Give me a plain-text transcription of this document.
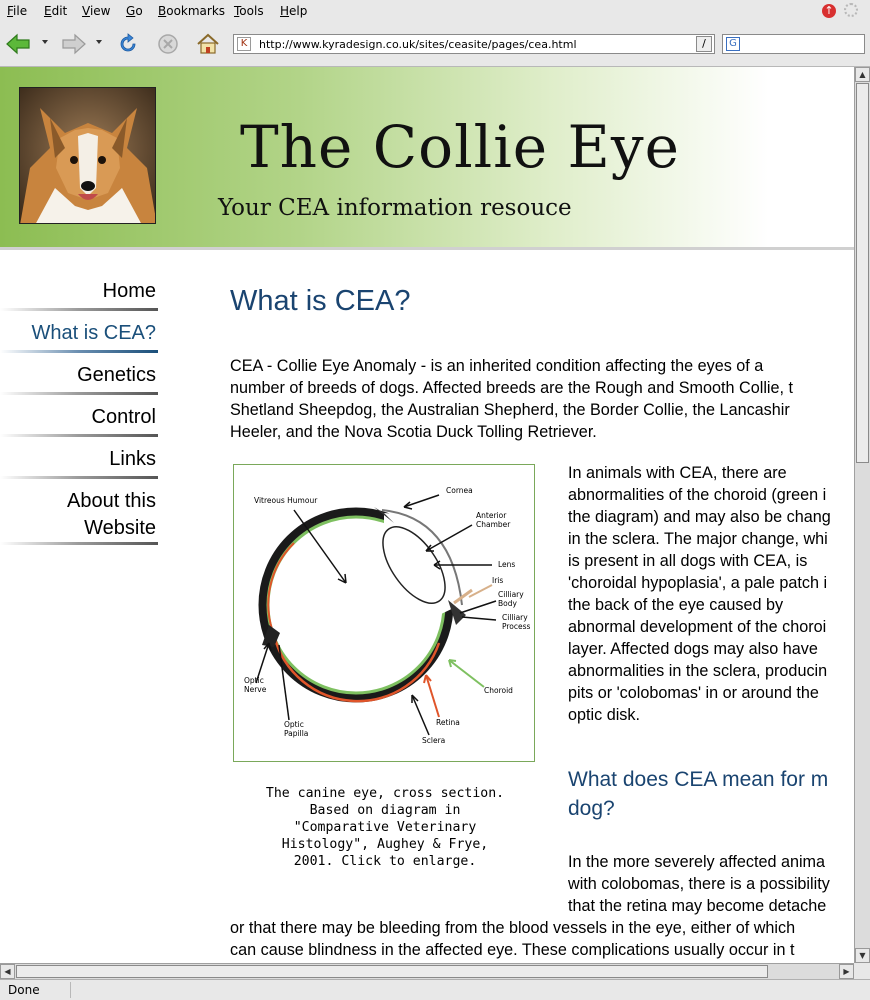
File Edit View Go Bookmarks Tools Help	↑
K	http://www.kyradesign.co.uk/sites/ceasite/pages/cea.html	/	G
The Collie Eye
Your CEA information resouce
Home
What is CEA?
Genetics
Control
Links
About this
Website
What is CEA?
CEA - Collie Eye Anomaly - is an inherited condition affecting the eyes of a
number of breeds of dogs. Affected breeds are the Rough and Smooth Collie, t
Shetland Sheepdog, the Australian Shepherd, the Border Collie, the Lancashir
Heeler, and the Nova Scotia Duck Tolling Retriever.
Vitreous Humour
Cornea
Anterior
Chamber
Lens
Iris
Cilliary
Body
Cilliary
Process
Choroid
Retina
Sclera
Optic
Nerve
Optic
Papilla
The canine eye, cross section.
Based on diagram in
"Comparative Veterinary
Histology", Aughey & Frye,
2001. Click to enlarge.
In animals with CEA, there are
abnormalities of the choroid (green i
the diagram) and may also be chang
in the sclera. The major change, whi
is present in all dogs with CEA, is
'choroidal hypoplasia', a pale patch i
the back of the eye caused by
abnormal development of the choroi
layer. Affected dogs may also have
abnormalities in the sclera, producin
pits or 'colobomas' in or around the
optic disk.
What does CEA mean for m
dog?
In the more severely affected anima
with colobomas, there is a possibility
that the retina may become detache
or that there may be bleeding from the blood vessels in the eye, either of which
can cause blindness in the affected eye. These complications usually occur in t
▲
▼
◀	▶
Done
